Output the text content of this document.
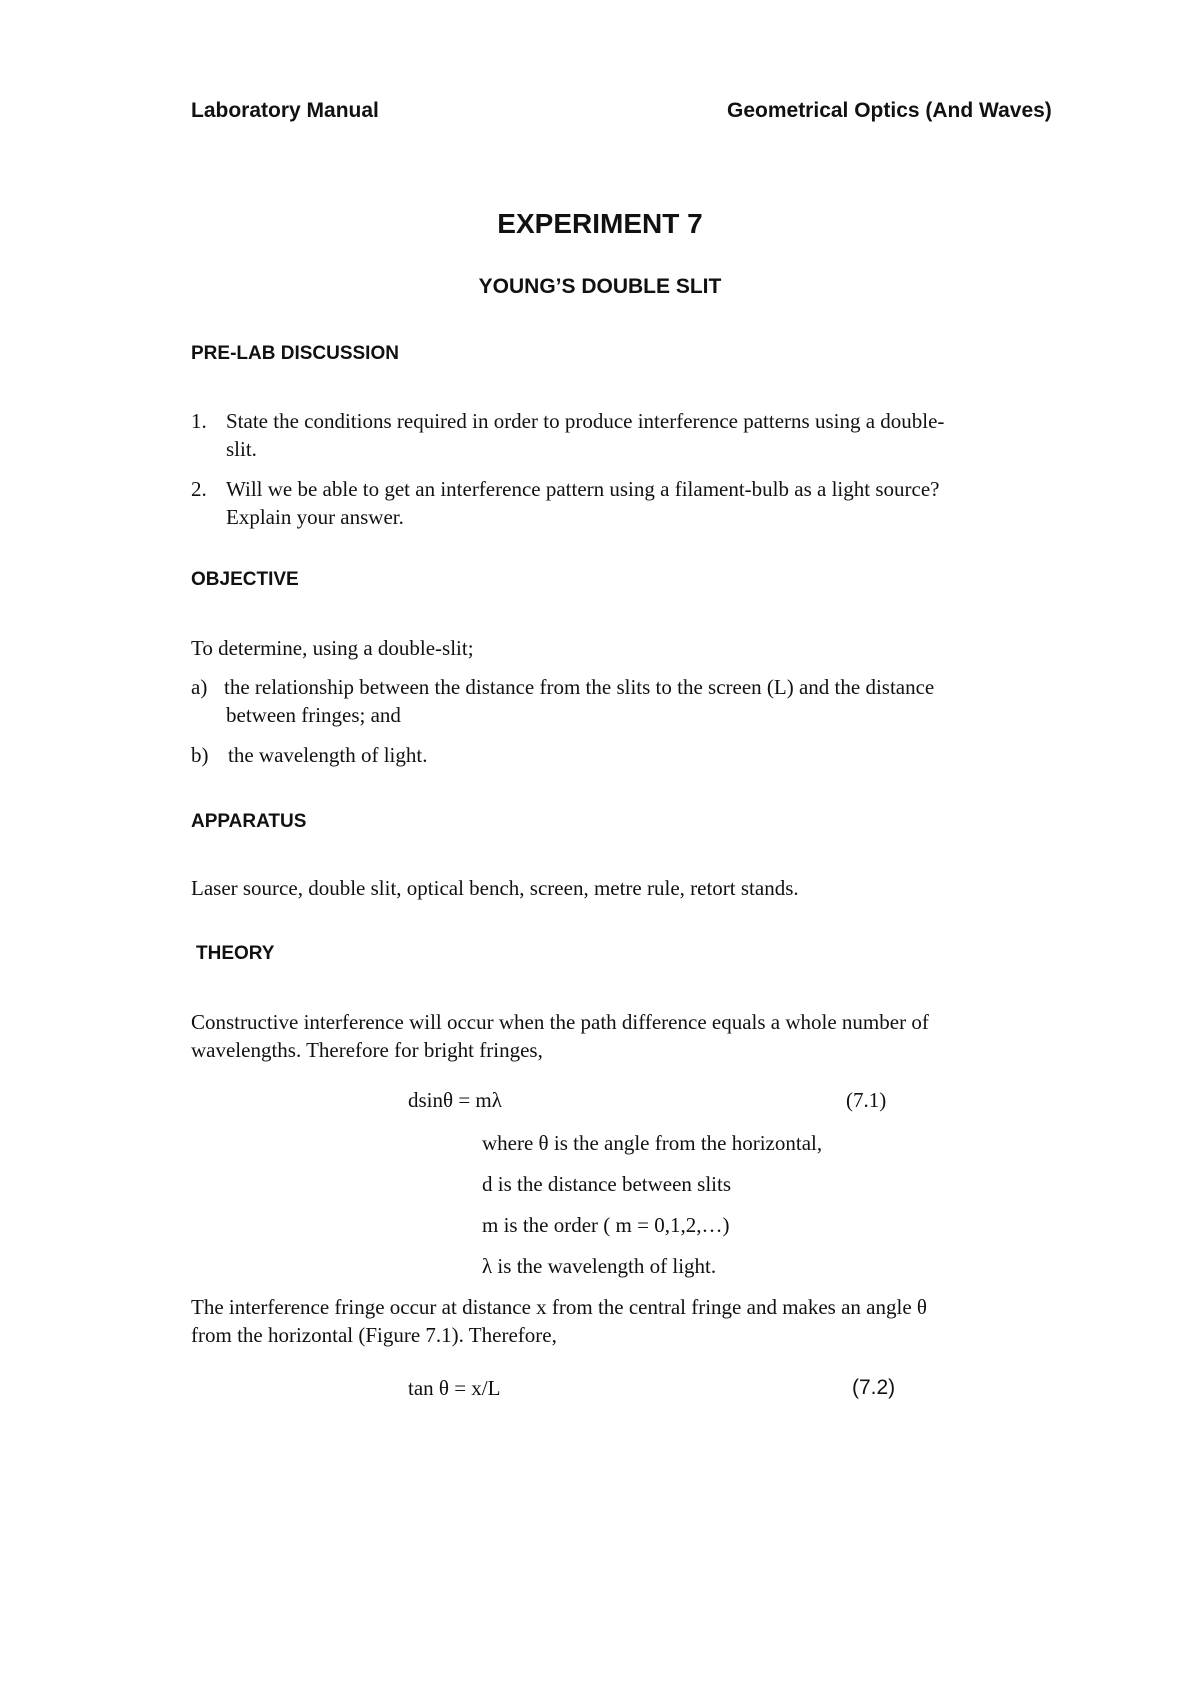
Laboratory Manual	Geometrical Optics (And Waves)
EXPERIMENT 7
YOUNG’S DOUBLE SLIT
PRE-LAB DISCUSSION
1. State the conditions required in order to produce interference patterns using a double-
slit.
2. Will we be able to get an interference pattern using a filament-bulb as a light source?
Explain your answer.
OBJECTIVE
To determine, using a double-slit;
a) the relationship between the distance from the slits to the screen (L) and the distance
between fringes; and
b) the wavelength of light.
APPARATUS
Laser source, double slit, optical bench, screen, metre rule, retort stands.
THEORY
Constructive interference will occur when the path difference equals a whole number of
wavelengths. Therefore for bright fringes,
dsinθ = mλ	(7.1)
where θ is the angle from the horizontal,
d is the distance between slits
m is the order ( m = 0,1,2,…)
λ is the wavelength of light.
The interference fringe occur at distance x from the central fringe and makes an angle θ
from the horizontal (Figure 7.1). Therefore,
tan θ = x/L	(7.2)
